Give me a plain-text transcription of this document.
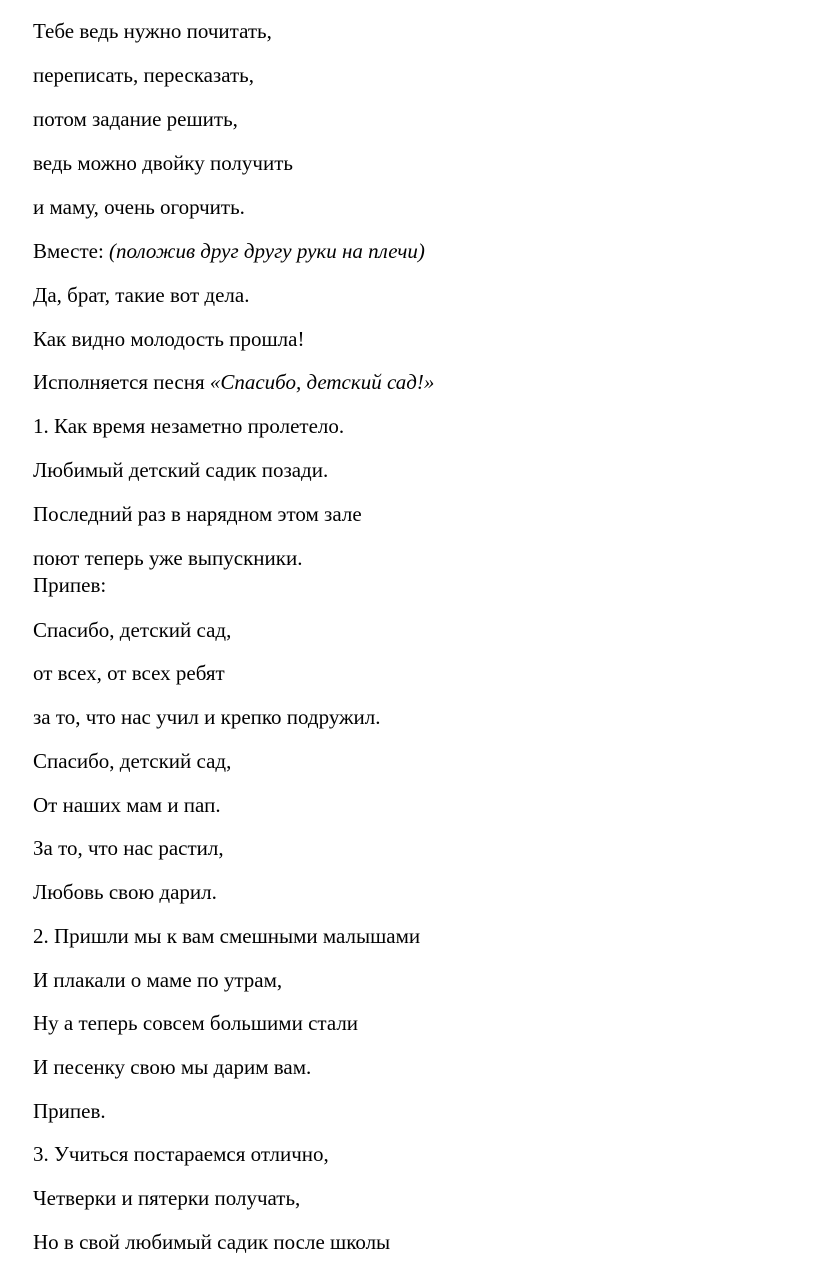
Тебе ведь нужно почитать,
переписать, пересказать,
потом задание решить,
ведь можно двойку получить
и маму, очень огорчить.
Вместе: (положив друг другу руки на плечи)
Да, брат, такие вот дела.
Как видно молодость прошла!
Исполняется песня «Спасибо, детский сад!»
1. Как время незаметно пролетело.
Любимый детский садик позади.
Последний раз в нарядном этом зале
поют теперь уже выпускники.
Припев:
Спасибо, детский сад,
от всех, от всех ребят
за то, что нас учил и крепко подружил.
Спасибо, детский сад,
От наших мам и пап.
За то, что нас растил,
Любовь свою дарил.
2. Пришли мы к вам смешными малышами
И плакали о маме по утрам,
Ну а теперь совсем большими стали
И песенку свою мы дарим вам.
Припев.
3. Учиться постараемся отлично,
Четверки и пятерки получать,
Но в свой любимый садик после школы
